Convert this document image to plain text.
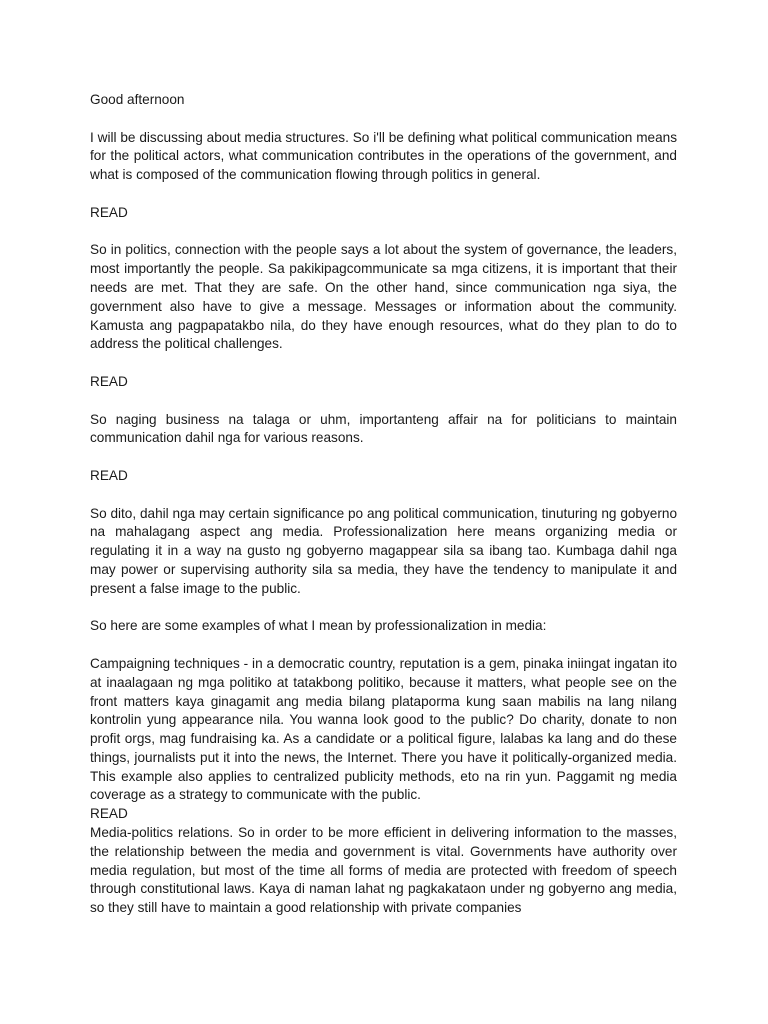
Good afternoon

I will be discussing about media structures. So i'll be defining what political communication means for the political actors, what communication contributes in the operations of the government, and what is composed of the communication flowing through politics in general.

READ

So in politics, connection with the people says a lot about the system of governance, the leaders, most importantly the people. Sa pakikipagcommunicate sa mga citizens, it is important that their needs are met. That they are safe. On the other hand, since communication nga siya, the government also have to give a message. Messages or information about the community. Kamusta ang pagpapatakbo nila, do they have enough resources, what do they plan to do to address the political challenges.

READ

So naging business na talaga or uhm, importanteng affair na for politicians to maintain communication dahil nga for various reasons.

READ

So dito, dahil nga may certain significance po ang political communication, tinuturing ng gobyerno na mahalagang aspect ang media. Professionalization here means organizing media or regulating it in a way na gusto ng gobyerno magappear sila sa ibang tao. Kumbaga dahil nga may power or supervising authority sila sa media, they have the tendency to manipulate it and present a false image to the public.

So here are some examples of what I mean by professionalization in media:

Campaigning techniques - in a democratic country, reputation is a gem, pinaka iniingat ingatan ito at inaalagaan ng mga politiko at tatakbong politiko, because it matters, what people see on the front matters kaya ginagamit ang media bilang plataporma kung saan mabilis na lang nilang kontrolin yung appearance nila. You wanna look good to the public? Do charity, donate to non profit orgs, mag fundraising ka. As a candidate or a political figure, lalabas ka lang and do these things, journalists put it into the news, the Internet. There you have it politically-organized media. This example also applies to centralized publicity methods, eto na rin yun. Paggamit ng media coverage as a strategy to communicate with the public.

READ

Media-politics relations. So in order to be more efficient in delivering information to the masses, the relationship between the media and government is vital. Governments have authority over media regulation, but most of the time all forms of media are protected with freedom of speech through constitutional laws. Kaya di naman lahat ng pagkakataon under ng gobyerno ang media, so they still have to maintain a good relationship with private companies
